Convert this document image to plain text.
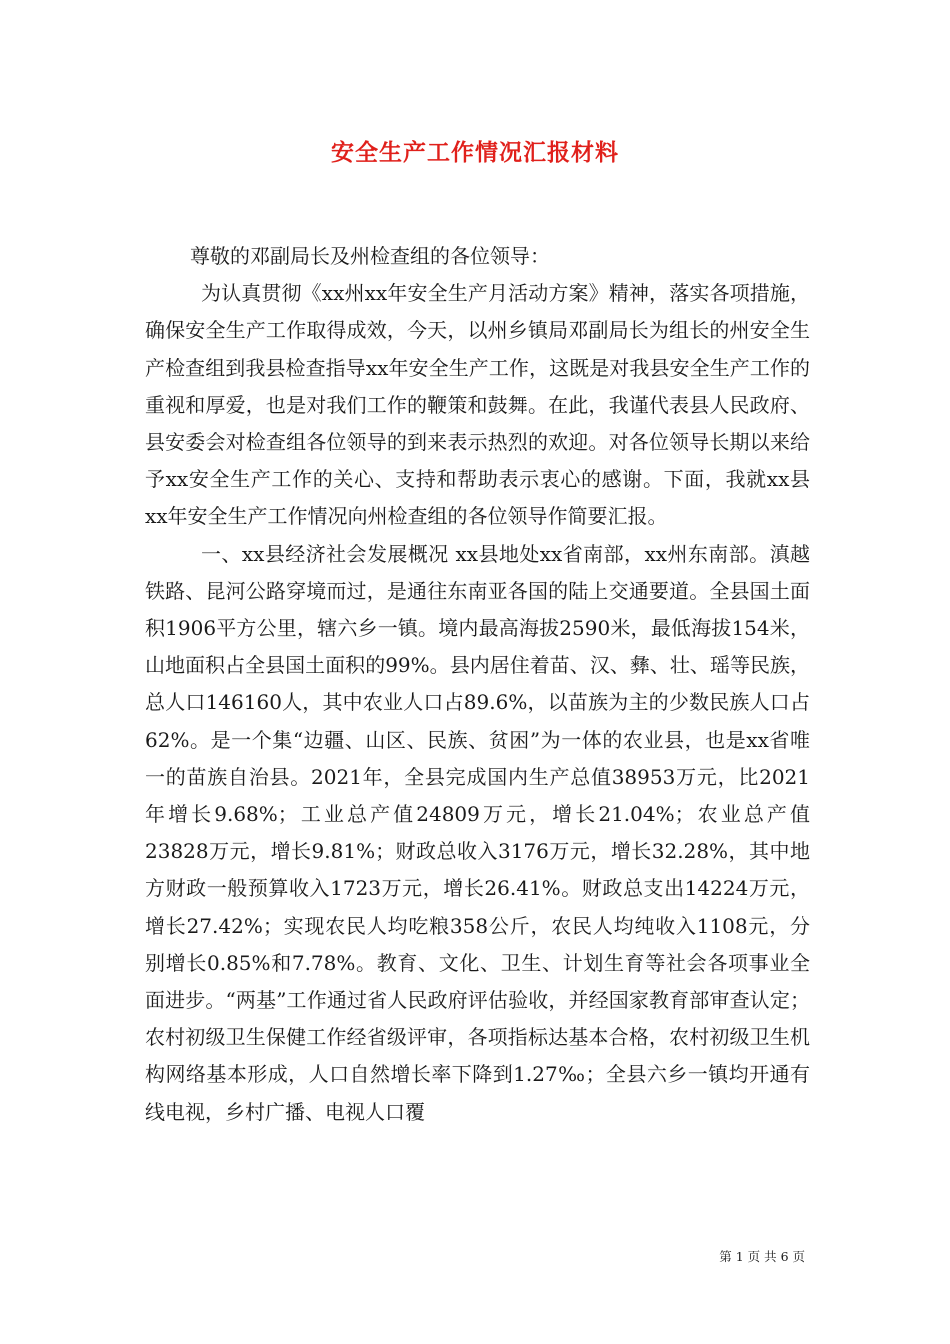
安全生产工作情况汇报材料

尊敬的邓副局长及州检查组的各位领导：

为认真贯彻《xx州xx年安全生产月活动方案》精神，落实各项措施，确保安全生产工作取得成效，今天，以州乡镇局邓副局长为组长的州安全生产检查组到我县检查指导xx年安全生产工作，这既是对我县安全生产工作的重视和厚爱，也是对我们工作的鞭策和鼓舞。在此，我谨代表县人民政府、县安委会对检查组各位领导的到来表示热烈的欢迎。对各位领导长期以来给予xx安全生产工作的关心、支持和帮助表示衷心的感谢。下面，我就xx县xx年安全生产工作情况向州检查组的各位领导作简要汇报。

一、xx县经济社会发展概况 xx县地处xx省南部，xx州东南部。滇越铁路、昆河公路穿境而过，是通往东南亚各国的陆上交通要道。全县国土面积1906平方公里，辖六乡一镇。境内最高海拔2590米，最低海拔154米，山地面积占全县国土面积的99%。县内居住着苗、汉、彝、壮、瑶等民族，总人口146160人，其中农业人口占89.6%，以苗族为主的少数民族人口占62%。是一个集“边疆、山区、民族、贫困”为一体的农业县，也是xx省唯一的苗族自治县。2021年，全县完成国内生产总值38953万元，比2021年增长9.68%；工业总产值24809万元，增长21.04%；农业总产值23828万元，增长9.81%；财政总收入3176万元，增长32.28%，其中地方财政一般预算收入1723万元，增长26.41%。财政总支出14224万元，增长27.42%；实现农民人均吃粮358公斤，农民人均纯收入1108元，分别增长0.85%和7.78%。教育、文化、卫生、计划生育等社会各项事业全面进步。“两基”工作通过省人民政府评估验收，并经国家教育部审查认定；农村初级卫生保健工作经省级评审，各项指标达基本合格，农村初级卫生机构网络基本形成，人口自然增长率下降到1.27‰；全县六乡一镇均开通有线电视，乡村广播、电视人口覆

第 1 页 共 6 页
